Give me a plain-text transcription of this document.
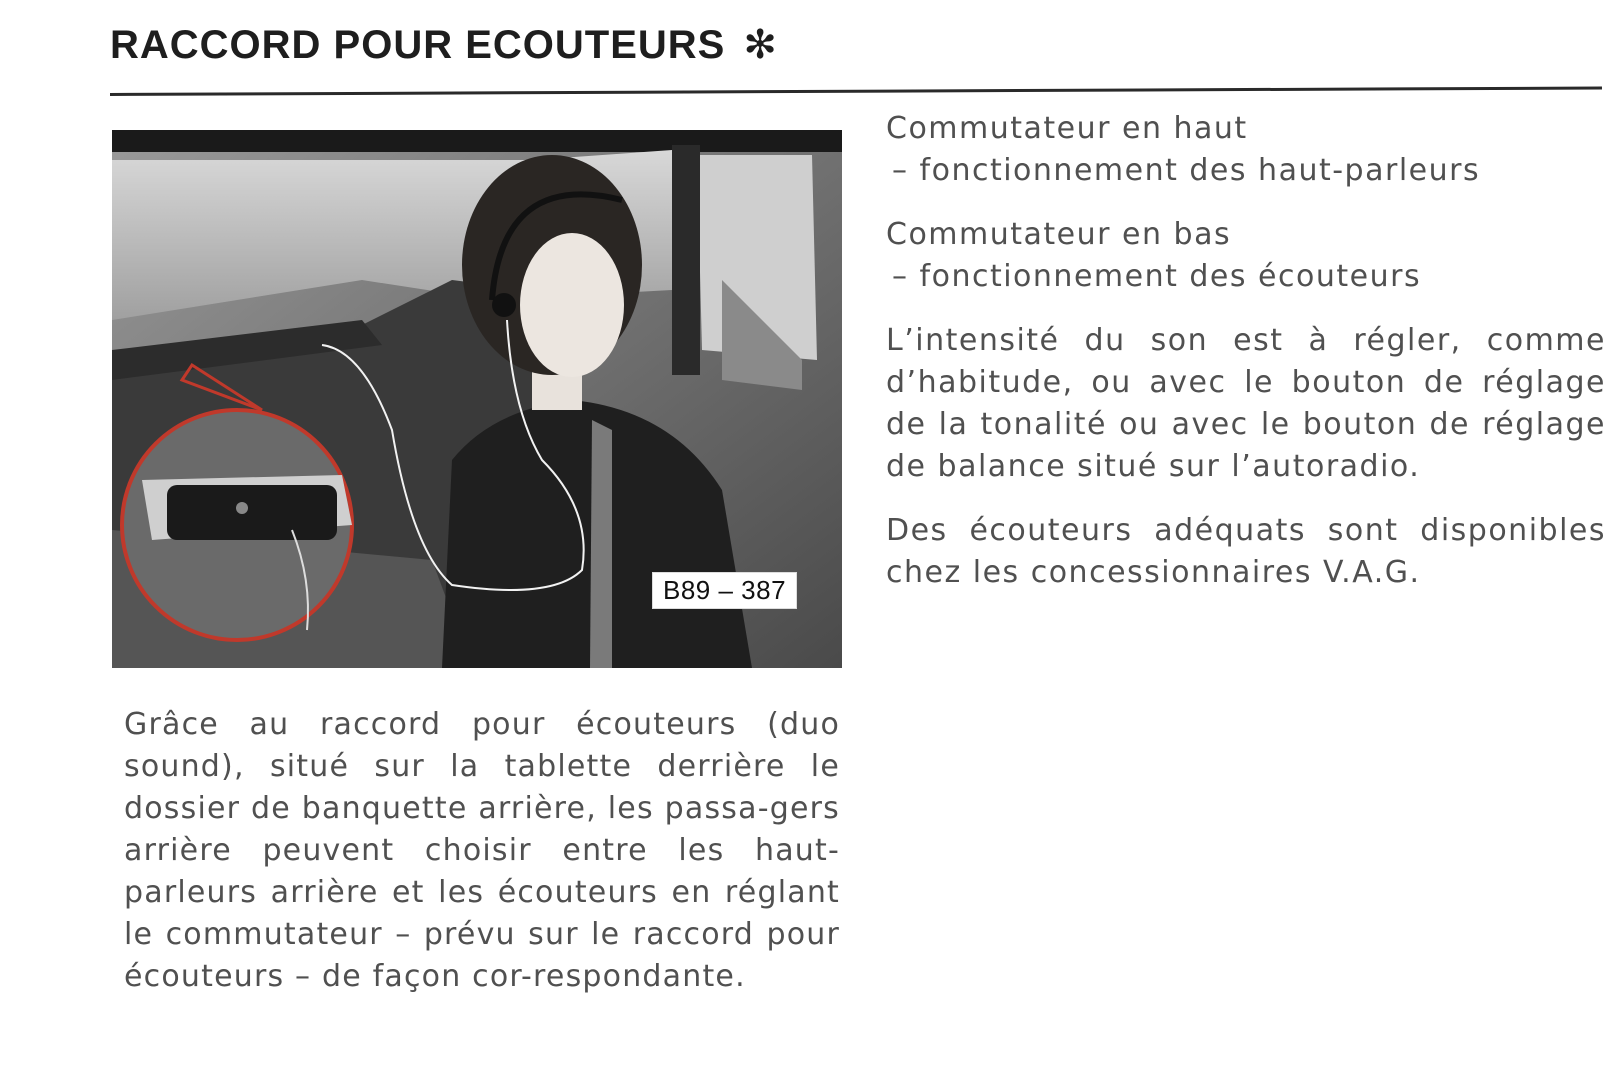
RACCORD POUR ECOUTEURS ✻
B89 – 387

Grâce au raccord pour écouteurs (duo sound), situé sur la tablette derrière le dossier de banquette arrière, les passa-gers arrière peuvent choisir entre les haut-parleurs arrière et les écouteurs en réglant le commutateur – prévu sur le raccord pour écouteurs – de façon cor-respondante.

Commutateur en haut
– fonctionnement des haut-parleurs

Commutateur en bas
– fonctionnement des écouteurs

L’intensité du son est à régler, comme d’habitude, ou avec le bouton de réglage de la tonalité ou avec le bouton de réglage de balance situé sur l’autoradio.

Des écouteurs adéquats sont disponibles chez les concessionnaires V.A.G.
